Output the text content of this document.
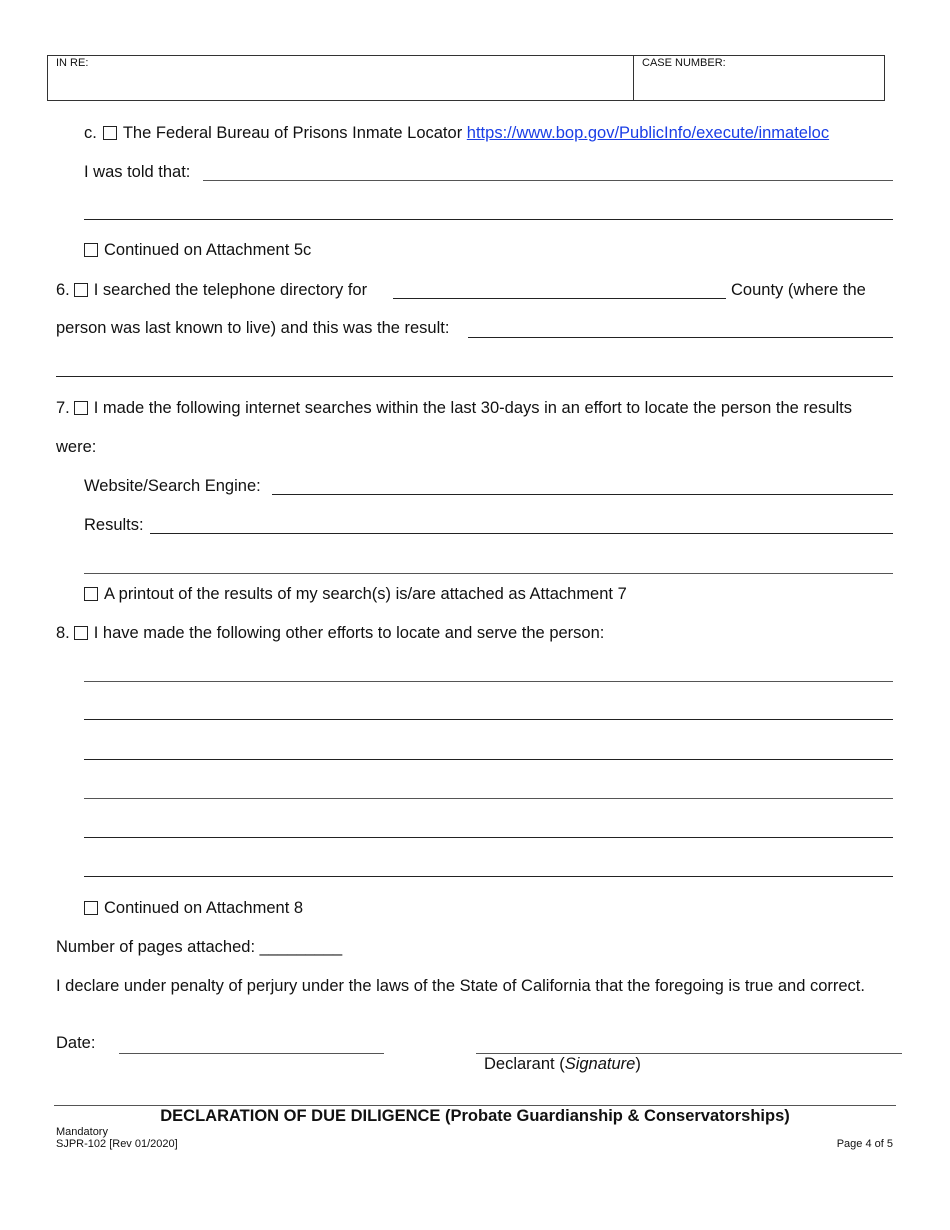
IN RE:	CASE NUMBER:
c. The Federal Bureau of Prisons Inmate Locator https://www.bop.gov/PublicInfo/execute/inmateloc
I was told that:
Continued on Attachment 5c
6. I searched the telephone directory for	County (where the
person was last known to live) and this was the result:
7. I made the following internet searches within the last 30-days in an effort to locate the person the results
were:
Website/Search Engine:
Results:
A printout of the results of my search(s) is/are attached as Attachment 7
8. I have made the following other efforts to locate and serve the person:
Continued on Attachment 8
Number of pages attached: _________
I declare under penalty of perjury under the laws of the State of California that the foregoing is true and correct.
Date:
Declarant (Signature)
DECLARATION OF DUE DILIGENCE (Probate Guardianship & Conservatorships)
Mandatory
SJPR-102 [Rev 01/2020]	Page 4 of 5
